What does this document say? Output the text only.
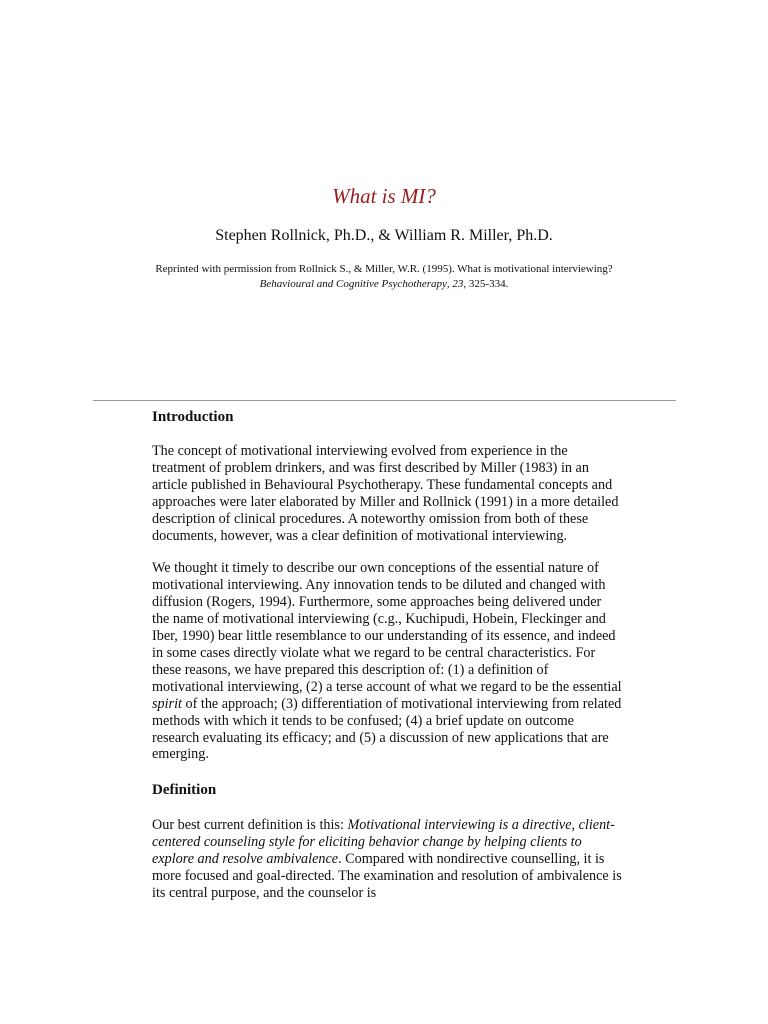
What is MI?

Stephen Rollnick, Ph.D., & William R. Miller, Ph.D.

Reprinted with permission from Rollnick S., & Miller, W.R. (1995). What is motivational interviewing?
Behavioural and Cognitive Psychotherapy, 23, 325-334.

Introduction

The concept of motivational interviewing evolved from experience in the treatment of problem drinkers, and was first described by Miller (1983) in an article published in Behavioural Psychotherapy. These fundamental concepts and approaches were later elaborated by Miller and Rollnick (1991) in a more detailed description of clinical procedures. A noteworthy omission from both of these documents, however, was a clear definition of motivational interviewing.

We thought it timely to describe our own conceptions of the essential nature of motivational interviewing. Any innovation tends to be diluted and changed with diffusion (Rogers, 1994). Furthermore, some approaches being delivered under the name of motivational interviewing (c.g., Kuchipudi, Hobein, Fleckinger and Iber, 1990) bear little resemblance to our understanding of its essence, and indeed in some cases directly violate what we regard to be central characteristics. For these reasons, we have prepared this description of: (1) a definition of motivational interviewing, (2) a terse account of what we regard to be the essential spirit of the approach; (3) differentiation of motivational interviewing from related methods with which it tends to be confused; (4) a brief update on outcome research evaluating its efficacy; and (5) a discussion of new applications that are emerging.

Definition

Our best current definition is this: Motivational interviewing is a directive, client-centered counseling style for eliciting behavior change by helping clients to explore and resolve ambivalence. Compared with nondirective counselling, it is more focused and goal-directed. The examination and resolution of ambivalence is its central purpose, and the counselor is
